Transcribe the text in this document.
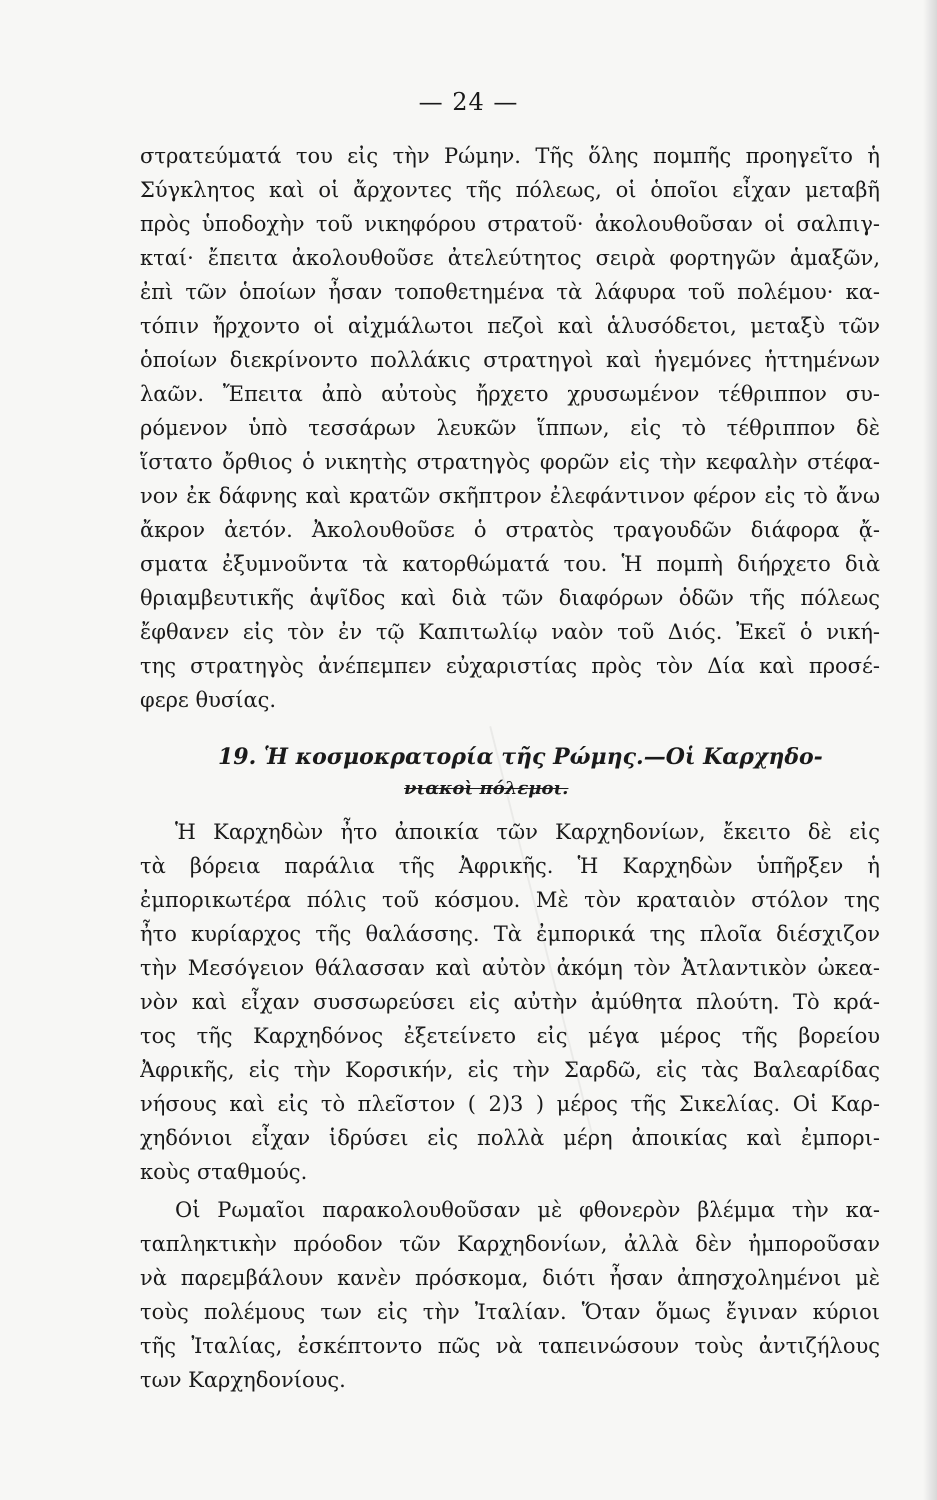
— 24 —
στρατεύματά του εἰς τὴν Ρώμην. Τῆς ὅλης πομπῆς προηγεῖτο ἡ
Σύγκλητος καὶ οἱ ἄρχοντες τῆς πόλεως, οἱ ὁποῖοι εἶχαν μεταβῆ
πρὸς ὑποδοχὴν τοῦ νικηφόρου στρατοῦ· ἀκολουθοῦσαν οἱ σαλπιγ-
κταί· ἔπειτα ἀκολουθοῦσε ἀτελεύτητος σειρὰ φορτηγῶν ἁμαξῶν,
ἐπὶ τῶν ὁποίων ἦσαν τοποθετημένα τὰ λάφυρα τοῦ πολέμου· κα-
τόπιν ἤρχοντο οἱ αἰχμάλωτοι πεζοὶ καὶ ἁλυσόδετοι, μεταξὺ τῶν
ὁποίων διεκρίνοντο πολλάκις στρατηγοὶ καὶ ἡγεμόνες ἡττημένων
λαῶν. Ἔπειτα ἀπὸ αὐτοὺς ἤρχετο χρυσωμένον τέθριππον συ-
ρόμενον ὑπὸ τεσσάρων λευκῶν ἵππων, εἰς τὸ τέθριππον δὲ
ἵστατο ὄρθιος ὁ νικητὴς στρατηγὸς φορῶν εἰς τὴν κεφαλὴν στέφα-
νον ἐκ δάφνης καὶ κρατῶν σκῆπτρον ἐλεφάντινον φέρον εἰς τὸ ἄνω
ἄκρον ἀετόν. Ἀκολουθοῦσε ὁ στρατὸς τραγουδῶν διάφορα ᾄ-
σματα ἐξυμνοῦντα τὰ κατορθώματά του. Ἡ πομπὴ διήρχετο διὰ
θριαμβευτικῆς ἁψῖδος καὶ διὰ τῶν διαφόρων ὁδῶν τῆς πόλεως
ἔφθανεν εἰς τὸν ἐν τῷ Καπιτωλίῳ ναὸν τοῦ Διός. Ἐκεῖ ὁ νική-
της στρατηγὸς ἀνέπεμπεν εὐχαριστίας πρὸς τὸν Δία καὶ προσέ-
φερε θυσίας.
19. Ἡ κοσμοκρατορία τῆς Ρώμης.—Οἱ Καρχηδο-
νιακοὶ πόλεμοι.
Ἡ Καρχηδὼν ἦτο ἀποικία τῶν Καρχηδονίων, ἔκειτο δὲ εἰς
τὰ βόρεια παράλια τῆς Ἀφρικῆς. Ἡ Καρχηδὼν ὑπῆρξεν ἡ
ἐμπορικωτέρα πόλις τοῦ κόσμου. Μὲ τὸν κραταιὸν στόλον της
ἦτο κυρίαρχος τῆς θαλάσσης. Τὰ ἐμπορικά της πλοῖα διέσχιζον
τὴν Μεσόγειον θάλασσαν καὶ αὐτὸν ἀκόμη τὸν Ἀτλαντικὸν ὠκεα-
νὸν καὶ εἶχαν συσσωρεύσει εἰς αὐτὴν ἀμύθητα πλούτη. Τὸ κρά-
τος τῆς Καρχηδόνος ἐξετείνετο εἰς μέγα μέρος τῆς βορείου
Ἀφρικῆς, εἰς τὴν Κορσικήν, εἰς τὴν Σαρδῶ, εἰς τὰς Βαλεαρίδας
νήσους καὶ εἰς τὸ πλεῖστον ( 2)3 ) μέρος τῆς Σικελίας. Οἱ Καρ-
χηδόνιοι εἶχαν ἱδρύσει εἰς πολλὰ μέρη ἀποικίας καὶ ἐμπορι-
κοὺς σταθμούς.
Οἱ Ρωμαῖοι παρακολουθοῦσαν μὲ φθονερὸν βλέμμα τὴν κα-
ταπληκτικὴν πρόοδον τῶν Καρχηδονίων, ἀλλὰ δὲν ἠμποροῦσαν
νὰ παρεμβάλουν κανὲν πρόσκομα, διότι ἦσαν ἀπησχολημένοι μὲ
τοὺς πολέμους των εἰς τὴν Ἰταλίαν. Ὅταν ὅμως ἔγιναν κύριοι
τῆς Ἰταλίας, ἐσκέπτοντο πῶς νὰ ταπεινώσουν τοὺς ἀντιζήλους
των Καρχηδονίους.
